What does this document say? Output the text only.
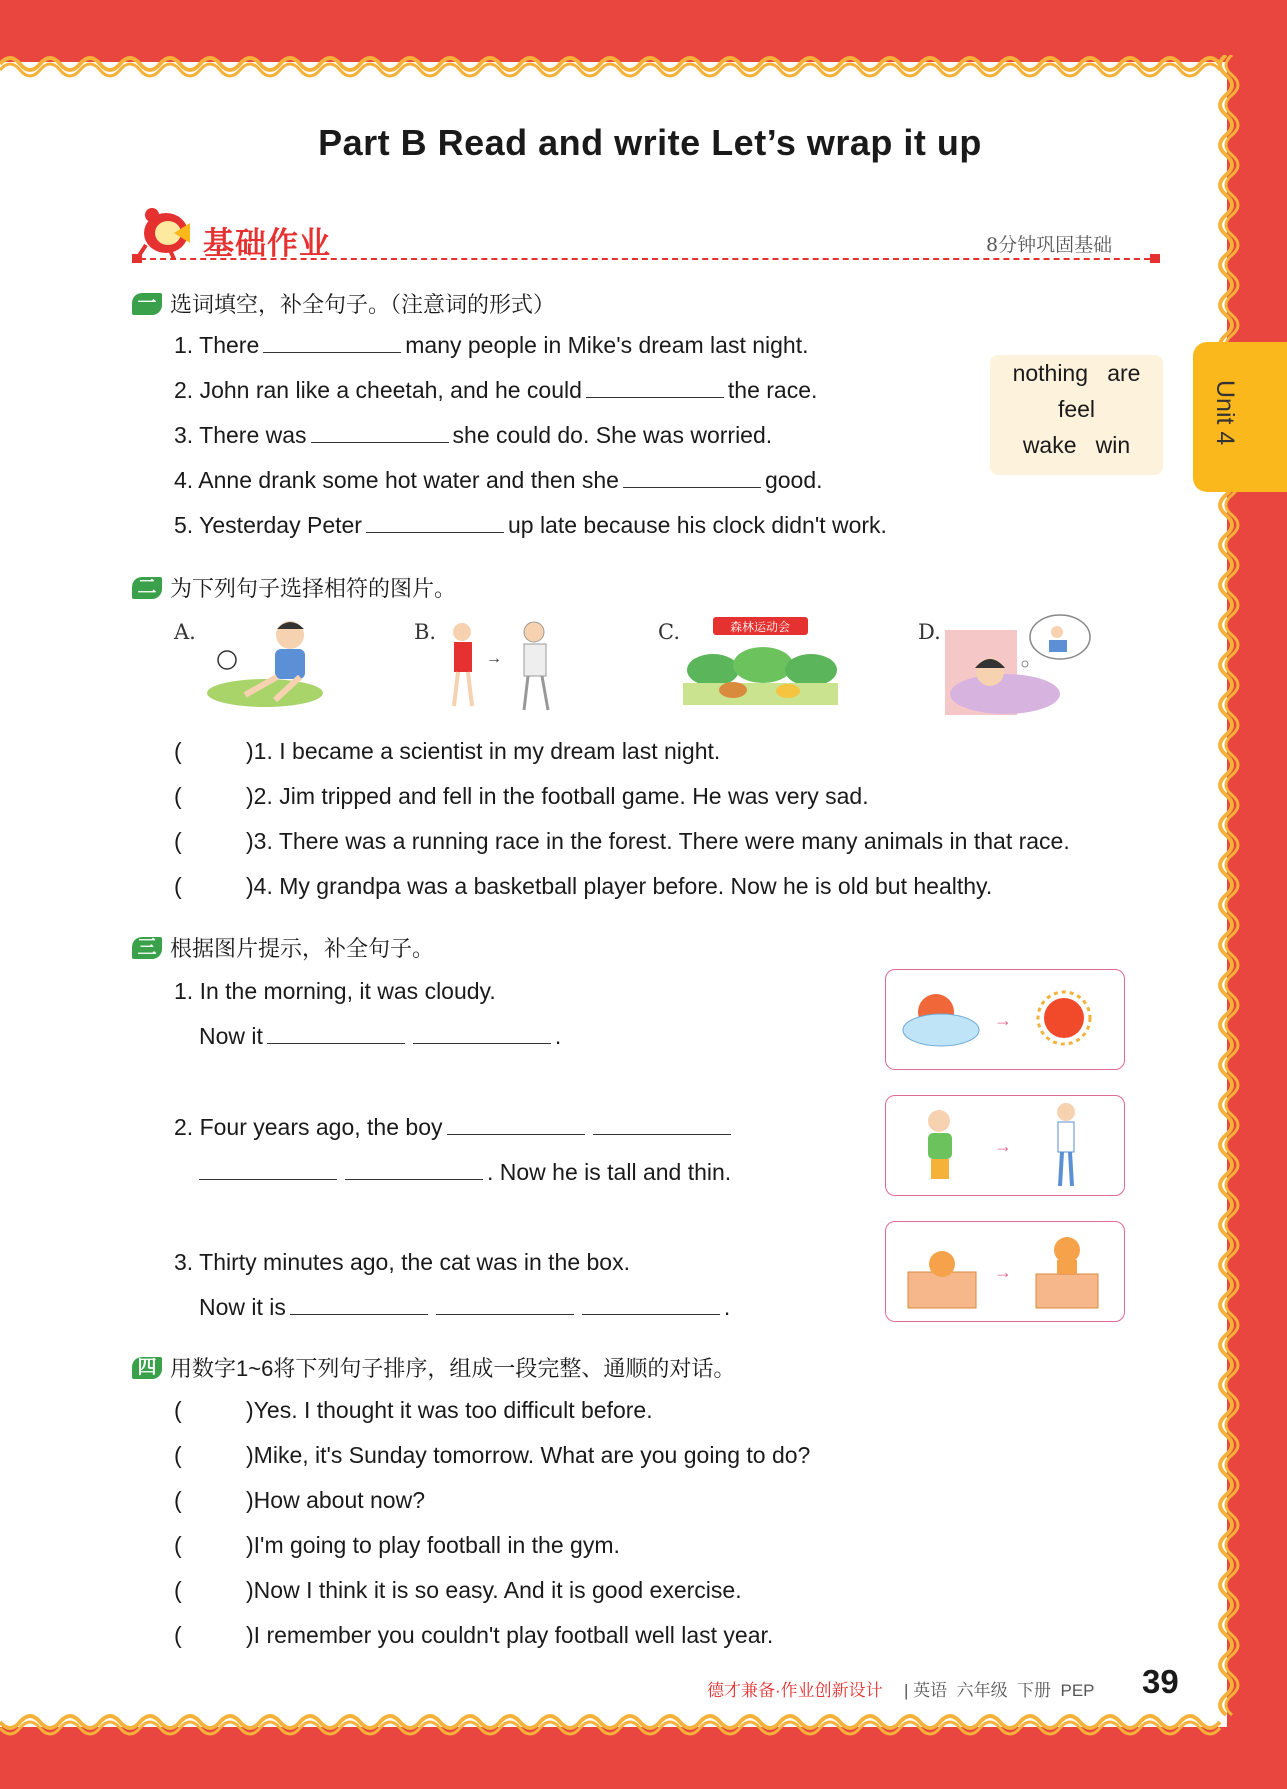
Part B Read and write Let’s wrap it up
基础作业	8分钟巩固基础
Unit 4
一 选词填空，补全句子。（注意词的形式）
1. There	many people in Mike's dream last night.
2. John ran like a cheetah, and he could	the race.
3. There was	she could do. She was worried.
4. Anne drank some hot water and then she	good.
5. Yesterday Peter	up late because his clock didn't work.
nothing   are
feel
wake   win
二 为下列句子选择相符的图片。
A.	B.	C.	D.
→
森林运动会
(	)1. I became a scientist in my dream last night.
(	)2. Jim tripped and fell in the football game. He was very sad.
(	)3. There was a running race in the forest. There were many animals in that race.
(	)4. My grandpa was a basketball player before. Now he is old but healthy.
三 根据图片提示，补全句子。
1. In the morning, it was cloudy.
Now it	.
2. Four years ago, the boy
. Now he is tall and thin.
3. Thirty minutes ago, the cat was in the box.
Now it is	.
→
→
→
四 用数字1~6将下列句子排序，组成一段完整、通顺的对话。
(	)Yes. I thought it was too difficult before.
(	)Mike, it's Sunday tomorrow. What are you going to do?
(	)How about now?
(	)I'm going to play football in the gym.
(	)Now I think it is so easy. And it is good exercise.
(	)I remember you couldn't play football well last year.
德才兼备·作业创新设计 | 英语  六年级  下册  PEP 39
